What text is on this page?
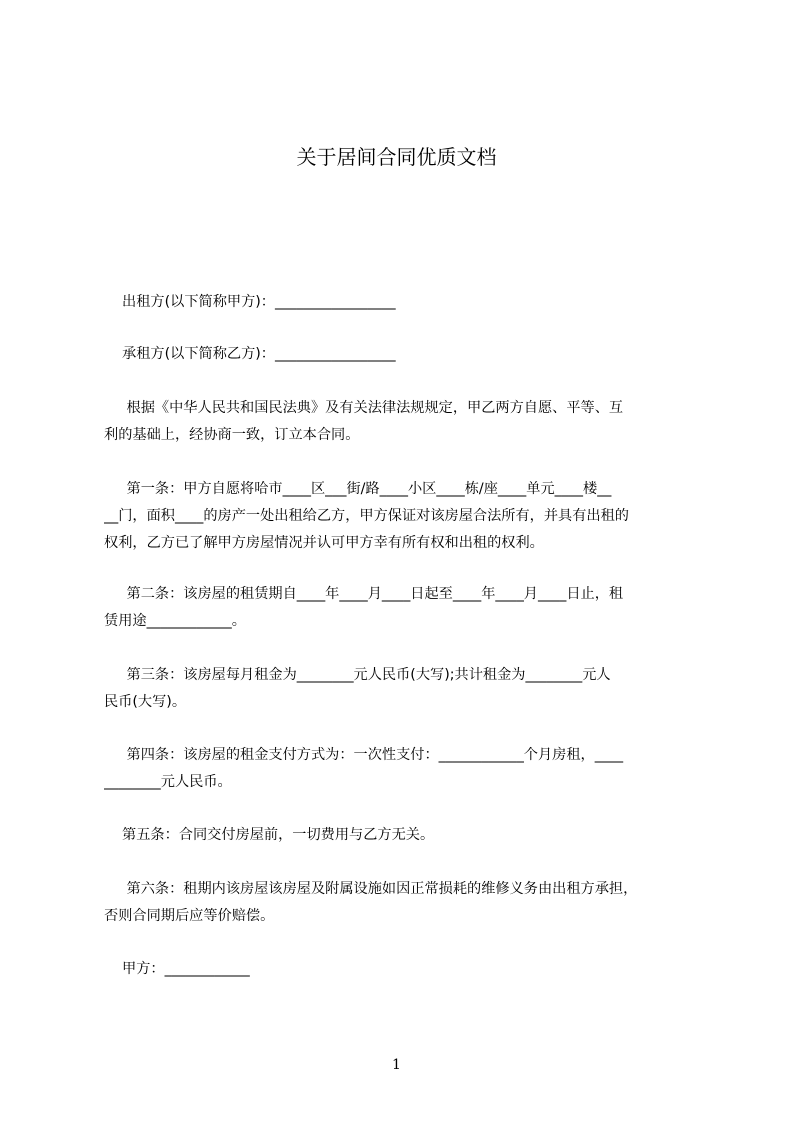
关于居间合同优质文档
出租方(以下简称甲方)：_________________
承租方(以下简称乙方)：_________________
根据《中华人民共和国民法典》及有关法律法规规定，甲乙两方自愿、平等、互
利的基础上，经协商一致，订立本合同。
第一条：甲方自愿将哈市____区___街/路____小区____栋/座____单元____楼__
__门，面积____的房产一处出租给乙方，甲方保证对该房屋合法所有，并具有出租的
权利，乙方已了解甲方房屋情况并认可甲方幸有所有权和出租的权利。
第二条：该房屋的租赁期自____年____月____日起至____年____月____日止，租
赁用途____________。
第三条：该房屋每月租金为________元人民币(大写);共计租金为________元人
民币(大写)。
第四条：该房屋的租金支付方式为：一次性支付：____________个月房租，____
________元人民币。
第五条：合同交付房屋前，一切费用与乙方无关。
第六条：租期内该房屋该房屋及附属设施如因正常损耗的维修义务由出租方承担，
否则合同期后应等价赔偿。
甲方：____________
1
